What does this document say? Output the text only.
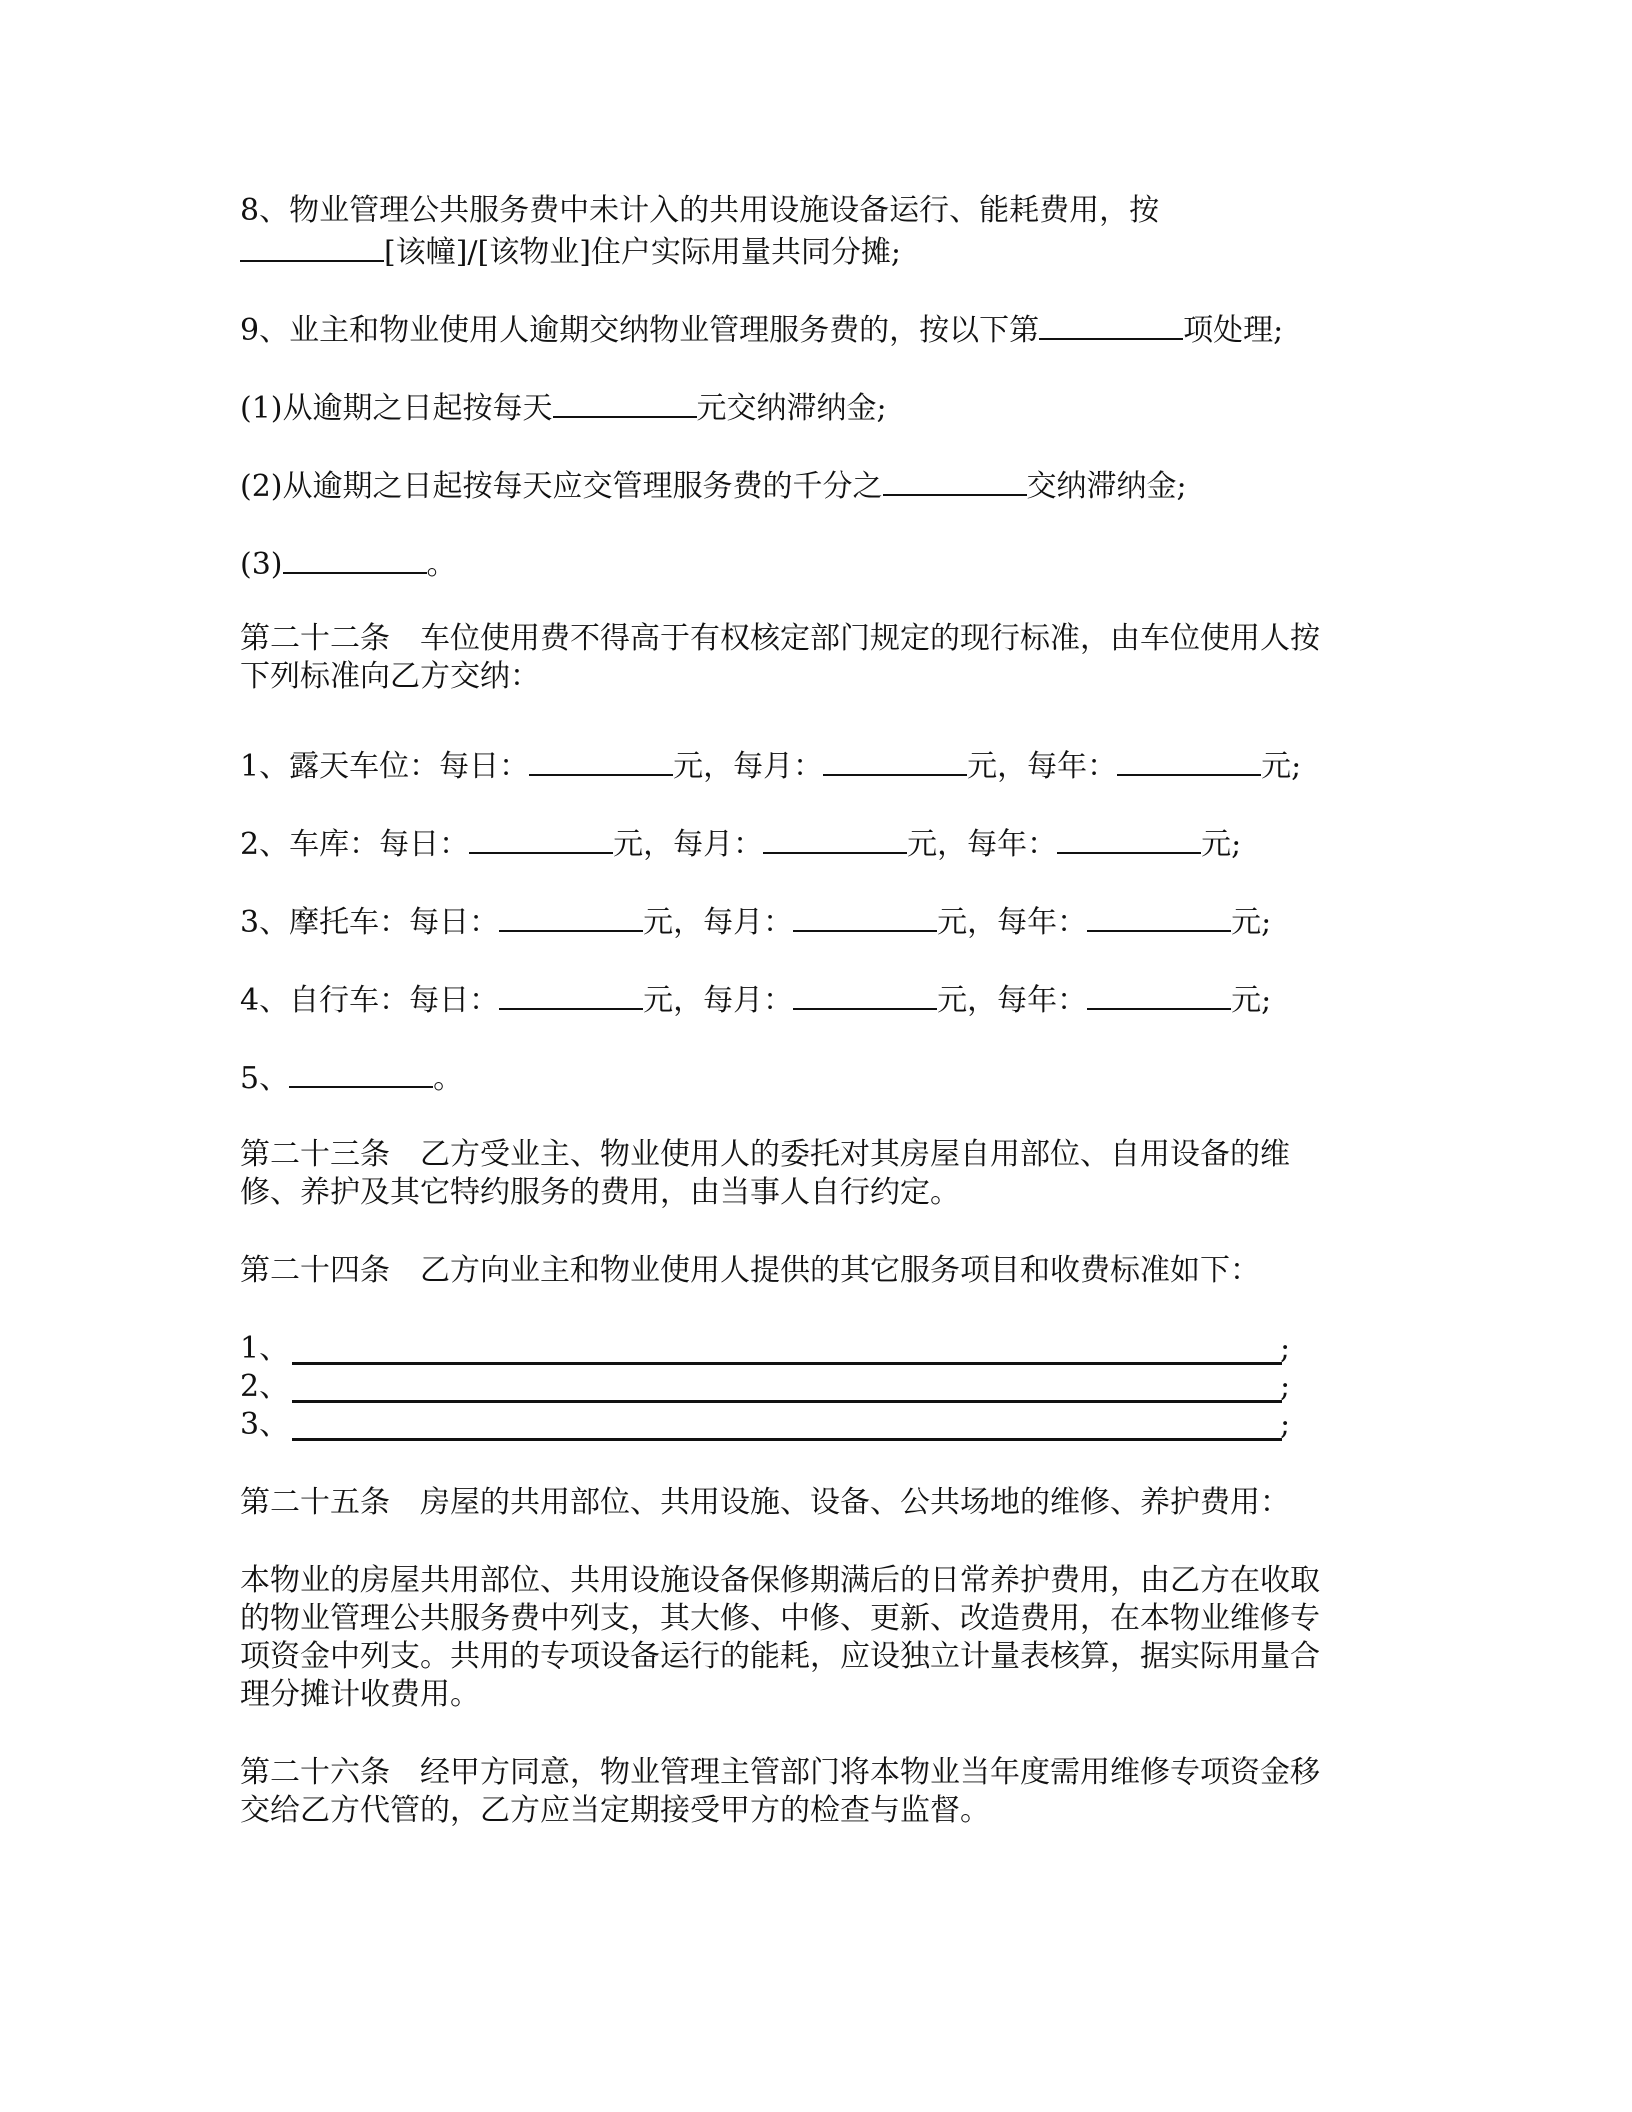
8、物业管理公共服务费中未计入的共用设施设备运行、能耗费用，按
[该幢]/[该物业]住户实际用量共同分摊;
9、业主和物业使用人逾期交纳物业管理服务费的，按以下第	项处理;
(1)从逾期之日起按每天	元交纳滞纳金;
(2)从逾期之日起按每天应交管理服务费的千分之	交纳滞纳金;
(3)	。
第二十二条　车位使用费不得高于有权核定部门规定的现行标准，由车位使用人按
下列标准向乙方交纳：
1、露天车位：每日：	元，每月：	元，每年：	元;
2、车库：每日：	元，每月：	元，每年：	元;
3、摩托车：每日：	元，每月：	元，每年：	元;
4、自行车：每日：	元，每月：	元，每年：	元;
5、	。
第二十三条　乙方受业主、物业使用人的委托对其房屋自用部位、自用设备的维
修、养护及其它特约服务的费用，由当事人自行约定。
第二十四条　乙方向业主和物业使用人提供的其它服务项目和收费标准如下：
1、	;
2、	;
3、	;
第二十五条　房屋的共用部位、共用设施、设备、公共场地的维修、养护费用：
本物业的房屋共用部位、共用设施设备保修期满后的日常养护费用，由乙方在收取
的物业管理公共服务费中列支，其大修、中修、更新、改造费用，在本物业维修专
项资金中列支。共用的专项设备运行的能耗，应设独立计量表核算，据实际用量合
理分摊计收费用。
第二十六条　经甲方同意，物业管理主管部门将本物业当年度需用维修专项资金移
交给乙方代管的，乙方应当定期接受甲方的检查与监督。
